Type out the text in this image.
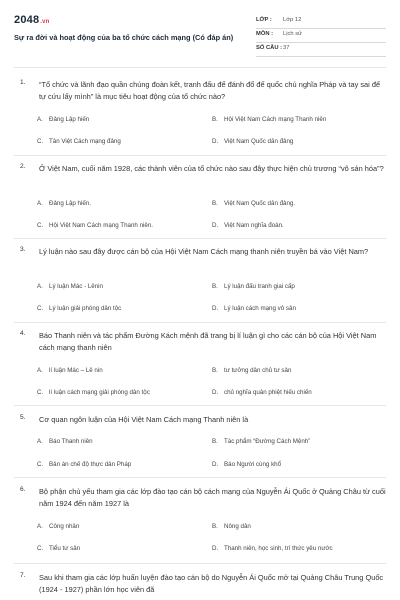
2048.vn
Sự ra đời và hoạt động của ba tổ chức cách mạng (Có đáp án)
LỚP : Lớp 12
MÔN : Lịch sử
SỐ CÂU : 37
1. “Tổ chức và lãnh đạo quần chúng đoàn kết, tranh đấu để đánh đổ đế quốc chủ nghĩa Pháp và tay sai để tự cứu lấy mình” là mục tiêu hoạt động của tổ chức nào?
A. Đảng Lập hiến	B. Hội Việt Nam Cách mạng Thanh niên
C. Tân Việt Cách mạng đảng	D. Việt Nam Quốc dân đảng
2. Ở Việt Nam, cuối năm 1928, các thành viên của tổ chức nào sau đây thực hiện chủ trương “vô sản hóa”?
A. Đảng Lập hiến.	B. Việt Nam Quốc dân đảng.
C. Hội Việt Nam Cách mạng Thanh niên.	D. Việt Nam nghĩa đoàn.
3. Lý luận nào sau đây được cán bộ của Hội Việt Nam Cách mạng thanh niên truyền bá vào Việt Nam?
A. Lý luận Mác - Lênin	B. Lý luận đấu tranh giai cấp
C. Lý luận giải phóng dân tộc	D. Lý luận cách mạng vô sản
4. Báo Thanh niên và tác phẩm Đường Kách mệnh đã trang bị lí luận gì cho các cán bộ của Hội Việt Nam cách mạng thanh niên
A. lí luận Mác – Lê nin	B. tư tưởng dân chủ tư sản
C. lí luận cách mạng giải phóng dân tộc	D. chủ nghĩa quân phiệt hiếu chiến
5. Cơ quan ngôn luận của Hội Việt Nam Cách mạng Thanh niên là
A. Báo Thanh niên	B. Tác phẩm “Đường Cách Mệnh”
C. Bản án chế độ thực dân Pháp	D. Báo Người cùng khổ
6. Bộ phận chủ yếu tham gia các lớp đào tạo cán bộ cách mạng của Nguyễn Ái Quốc ở Quảng Châu từ cuối năm 1924 đến năm 1927 là
A. Công nhân	B. Nông dân
C. Tiểu tư sản	D. Thanh niên, học sinh, trí thức yêu nước
7. Sau khi tham gia các lớp huấn luyện đào tạo cán bộ do Nguyễn Ái Quốc mở tại Quảng Châu Trung Quốc (1924 - 1927) phần lớn học viên đã
